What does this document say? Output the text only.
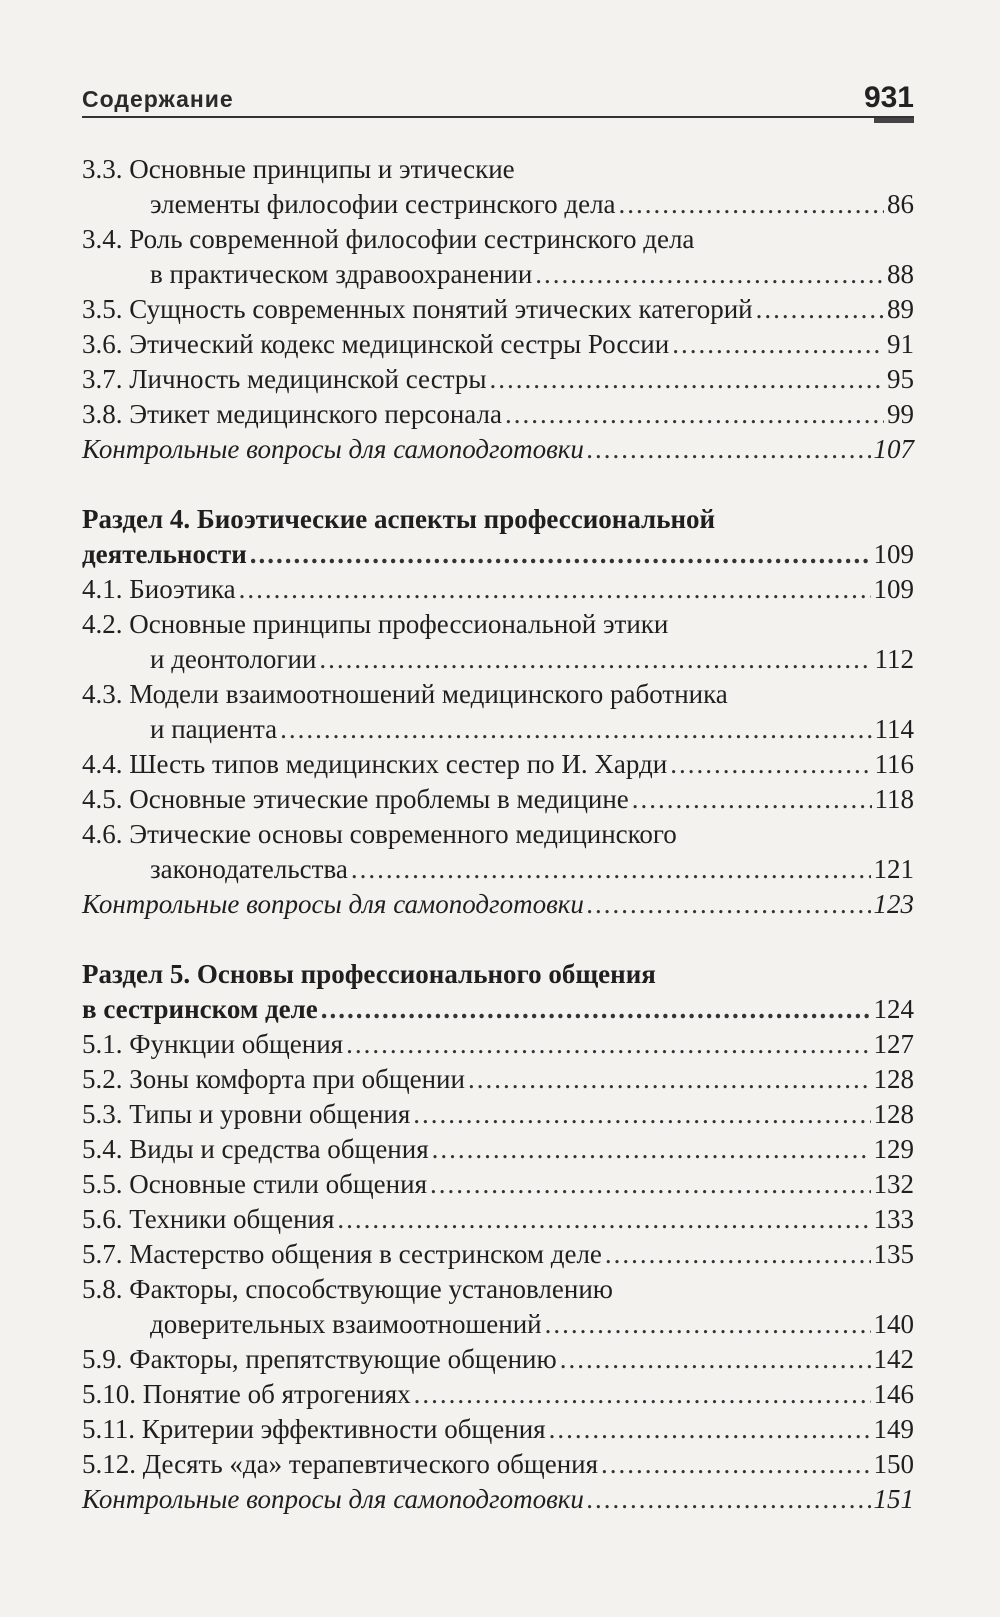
Содержание	931
3.3. Основные принципы и этические
элементы философии сестринского дела .....	86
3.4. Роль современной философии сестринского дела
в практическом здравоохранении .....	88
3.5. Сущность современных понятий этических категорий .....	89
3.6. Этический кодекс медицинской сестры России .....	91
3.7. Личность медицинской сестры .....	95
3.8. Этикет медицинского персонала .....	99
Контрольные вопросы для самоподготовки .....	107
Раздел 4. Биоэтические аспекты профессиональной
деятельности .....	109
4.1. Биоэтика .....	109
4.2. Основные принципы профессиональной этики
и деонтологии .....	112
4.3. Модели взаимоотношений медицинского работника
и пациента .....	114
4.4. Шесть типов медицинских сестер по И. Харди .....	116
4.5. Основные этические проблемы в медицине .....	118
4.6. Этические основы современного медицинского
законодательства .....	121
Контрольные вопросы для самоподготовки .....	123
Раздел 5. Основы профессионального общения
в сестринском деле .....	124
5.1. Функции общения .....	127
5.2. Зоны комфорта при общении .....	128
5.3. Типы и уровни общения .....	128
5.4. Виды и средства общения .....	129
5.5. Основные стили общения .....	132
5.6. Техники общения .....	133
5.7. Мастерство общения в сестринском деле .....	135
5.8. Факторы, способствующие установлению
доверительных взаимоотношений .....	140
5.9. Факторы, препятствующие общению .....	142
5.10. Понятие об ятрогениях .....	146
5.11. Критерии эффективности общения .....	149
5.12. Десять «да» терапевтического общения .....	150
Контрольные вопросы для самоподготовки .....	151
